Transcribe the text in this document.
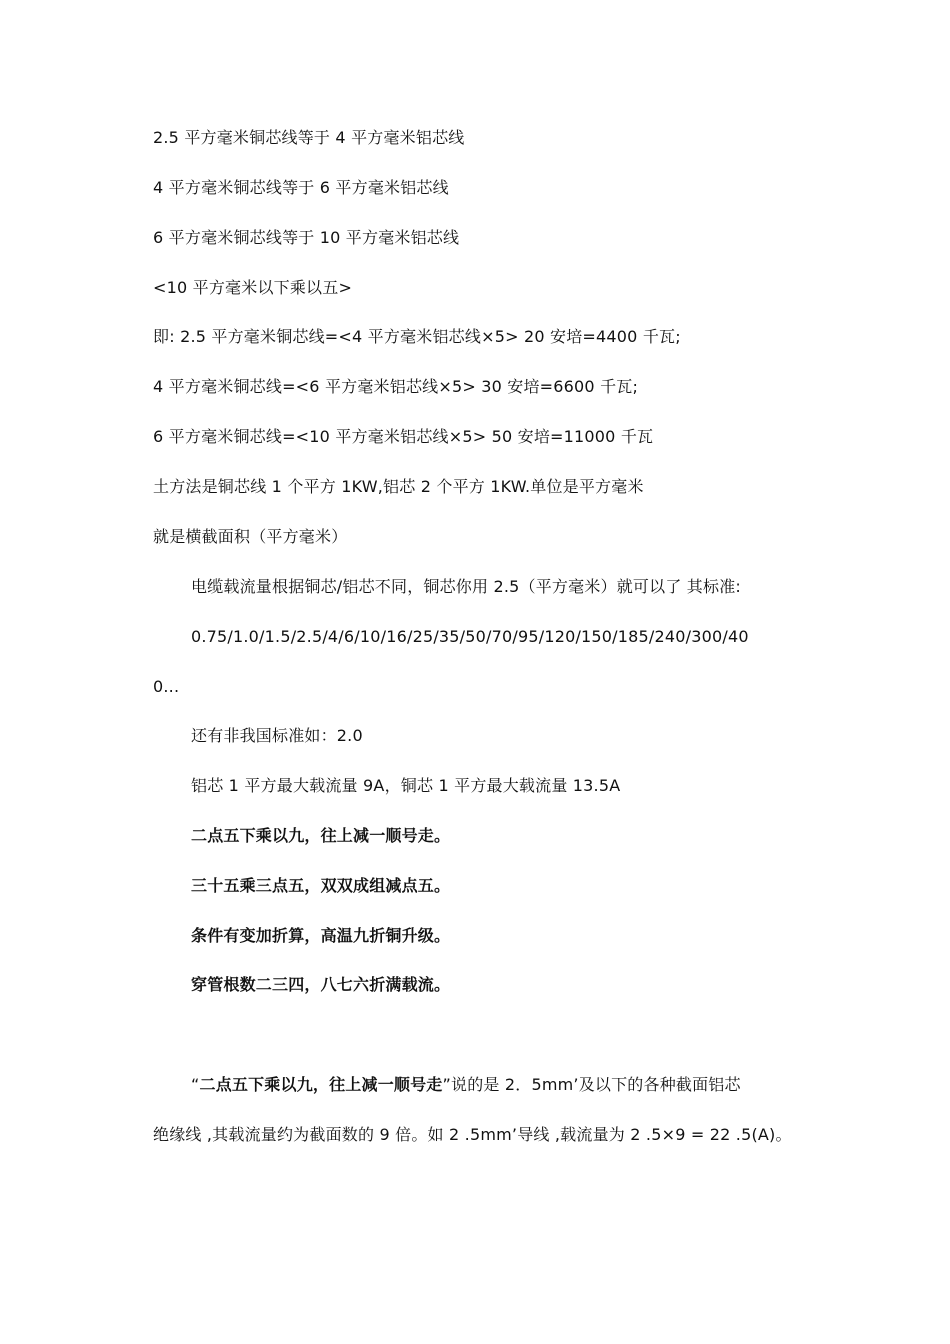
2.5 平方毫米铜芯线等于 4 平方毫米铝芯线
4 平方毫米铜芯线等于 6 平方毫米铝芯线
6 平方毫米铜芯线等于 10 平方毫米铝芯线
<10 平方毫米以下乘以五>
即: 2.5 平方毫米铜芯线=<4 平方毫米铝芯线×5> 20 安培=4400 千瓦;
4 平方毫米铜芯线=<6 平方毫米铝芯线×5> 30 安培=6600 千瓦;
6 平方毫米铜芯线=<10 平方毫米铝芯线×5> 50 安培=11000 千瓦
土方法是铜芯线 1 个平方 1KW,铝芯 2 个平方 1KW.单位是平方毫米
就是横截面积（平方毫米）
电缆载流量根据铜芯/铝芯不同，铜芯你用 2.5（平方毫米）就可以了 其标准:
0.75/1.0/1.5/2.5/4/6/10/16/25/35/50/70/95/120/150/185/240/300/40
0...
还有非我国标准如：2.0
铝芯 1 平方最大载流量 9A，铜芯 1 平方最大载流量 13.5A
二点五下乘以九，往上减一顺号走。
三十五乘三点五，双双成组减点五。
条件有变加折算，高温九折铜升级。
穿管根数二三四，八七六折满载流。
“二点五下乘以九，往上减一顺号走”说的是 2．5mm’及以下的各种截面铝芯
绝缘线 ,其载流量约为截面数的 9 倍。如 2 .5mm’导线 ,载流量为 2 .5×9 = 22 .5(A)。
